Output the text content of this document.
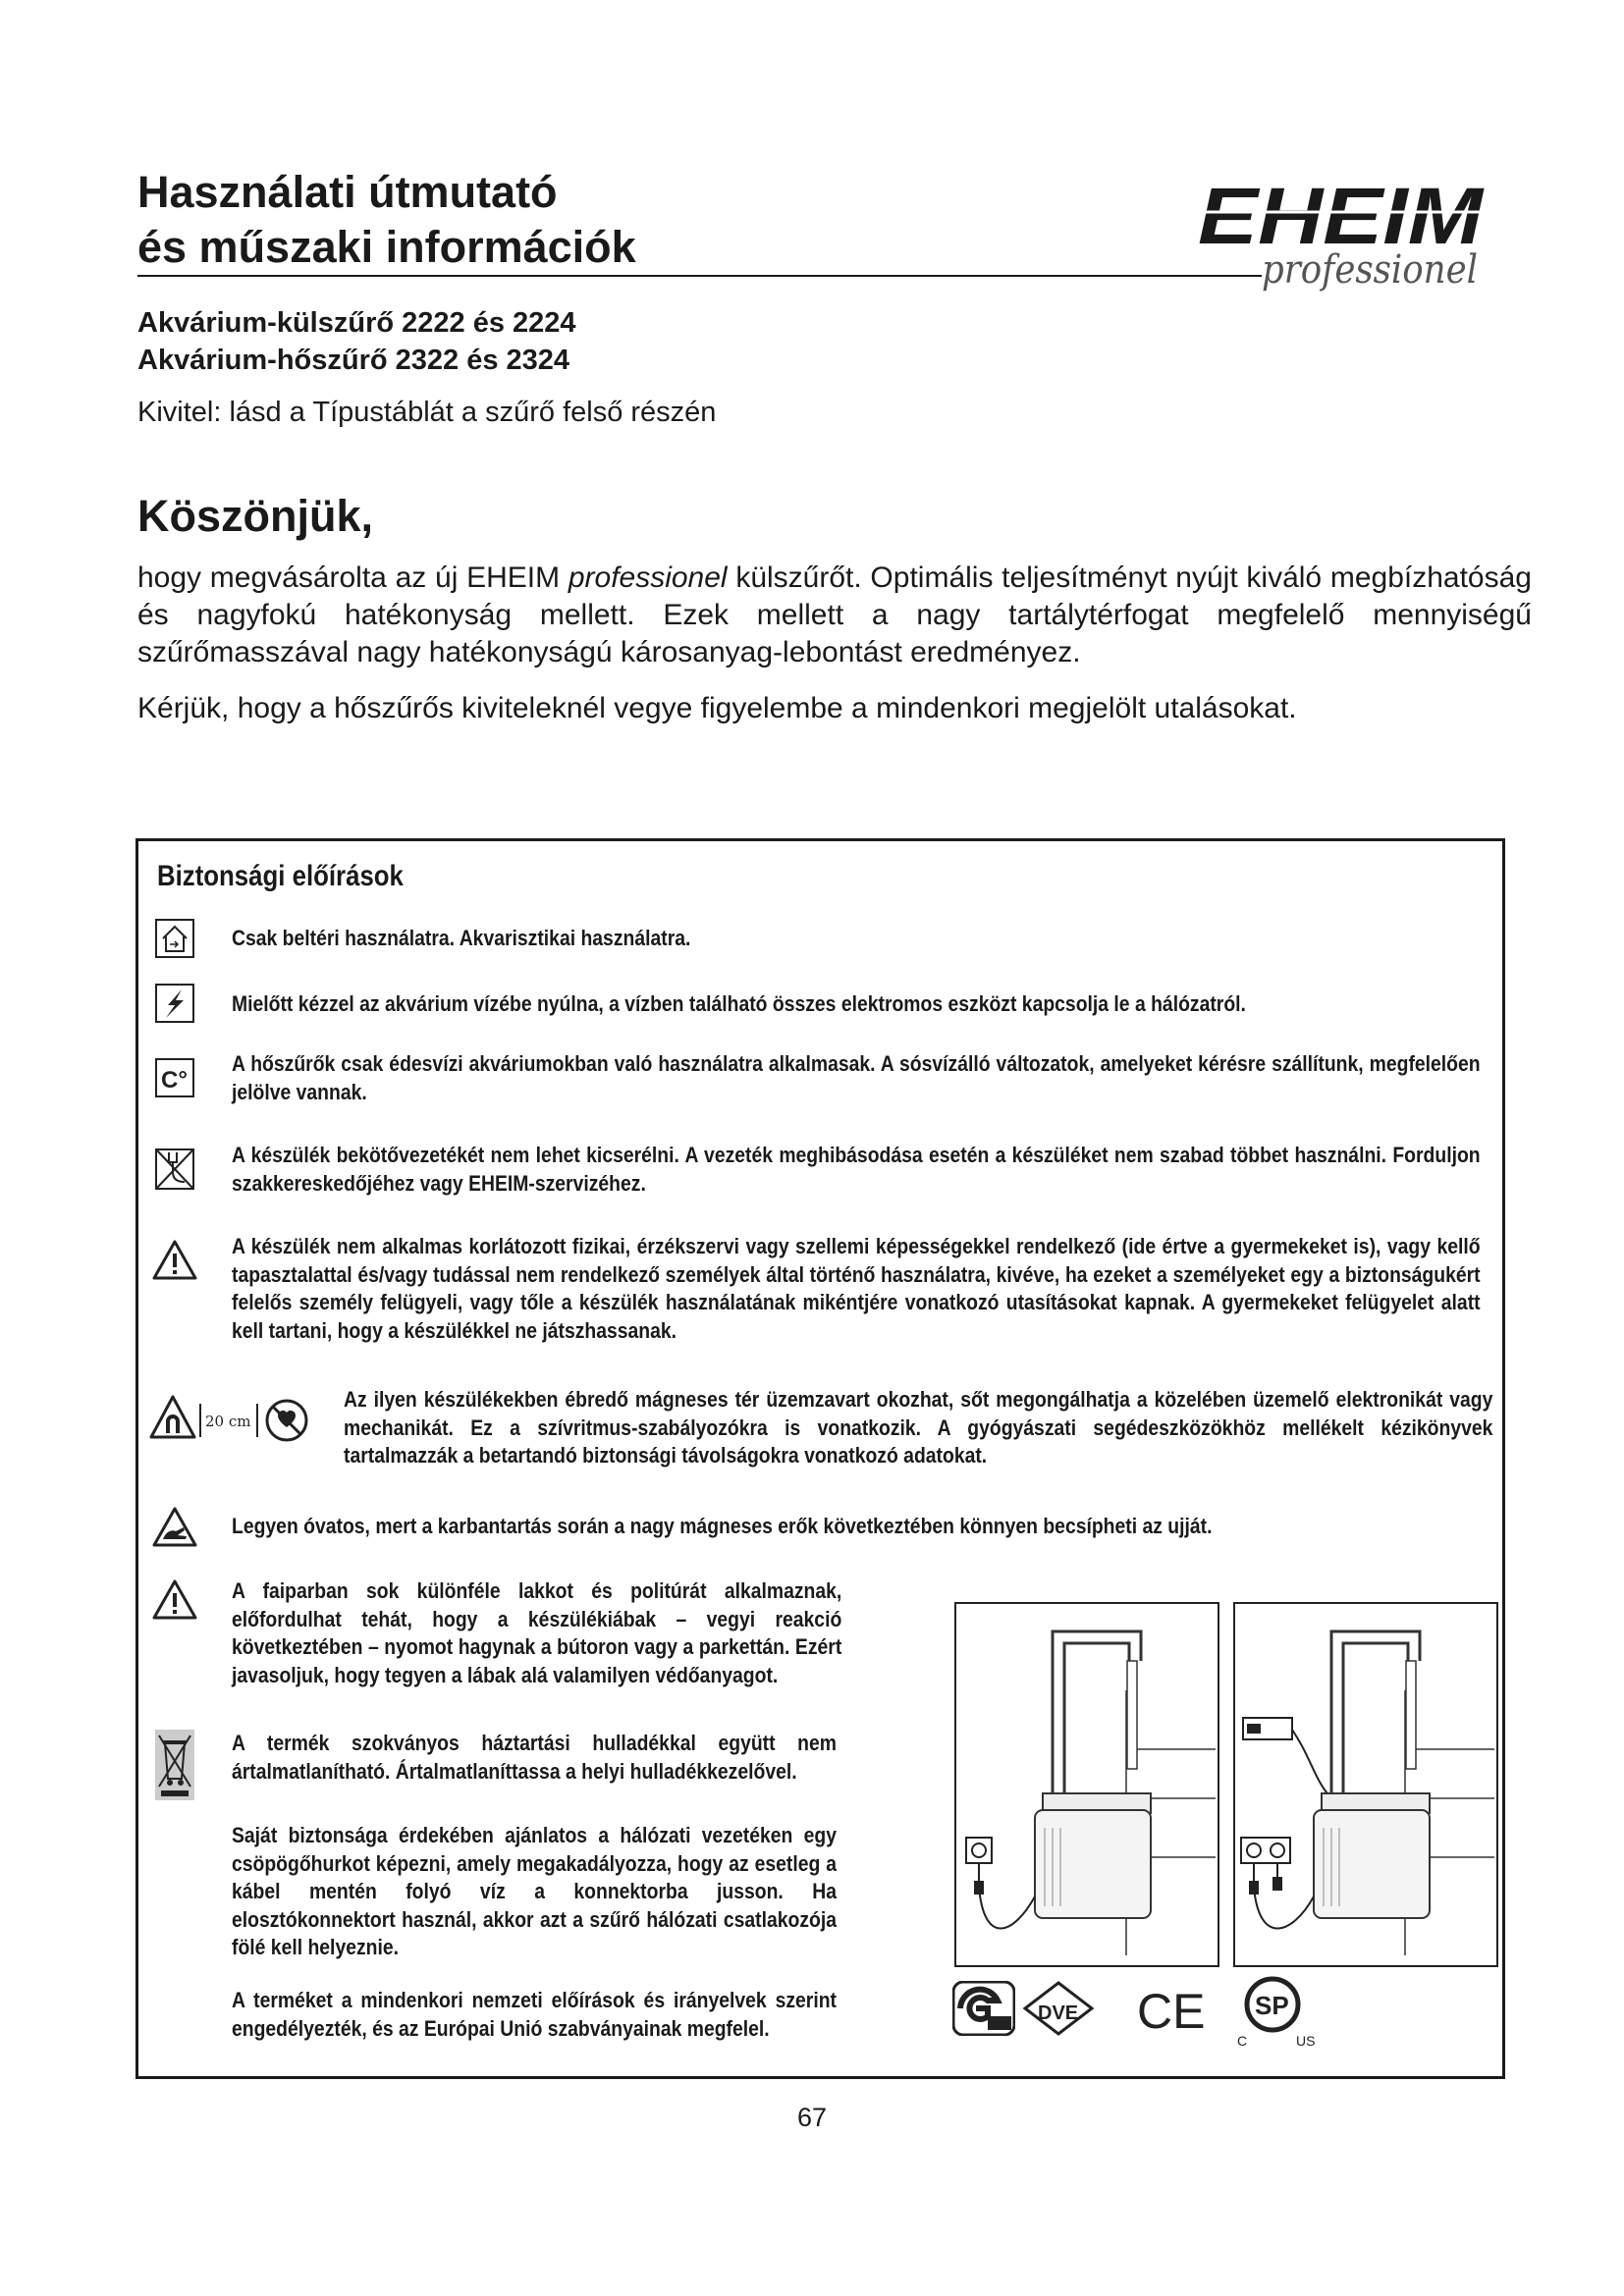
Használati útmutató
és műszaki információk	EHEIM
professionel
Akvárium-külszűrő 2222 és 2224
Akvárium-hőszűrő 2322 és 2324
Kivitel: lásd a Típustáblát a szűrő felső részén
Köszönjük,
hogy megvásárolta az új EHEIM professionel külszűrőt. Optimális teljesítményt nyújt kiváló megbízhatóság és nagyfokú hatékonyság mellett. Ezek mellett a nagy tartálytérfogat megfelelő mennyiségű szűrőmasszával nagy hatékonyságú károsanyag-lebontást eredményez.
Kérjük, hogy a hőszűrős kiviteleknél vegye figyelembe a mindenkori megjelölt utalásokat.
Biztonsági előírások
C°
20 cm
Csak beltéri használatra. Akvarisztikai használatra.
Mielőtt kézzel az akvárium vízébe nyúlna, a vízben található összes elektromos eszközt kapcsolja le a hálózatról.
A hőszűrők csak édesvízi akváriumokban való használatra alkalmasak. A sósvízálló változatok, amelyeket kérésre szállítunk, megfelelően jelölve vannak.
A készülék bekötővezetékét nem lehet kicserélni. A vezeték meghibásodása esetén a készüléket nem szabad többet használni. Forduljon szakkereskedőjéhez vagy EHEIM-szervizéhez.
A készülék nem alkalmas korlátozott fizikai, érzékszervi vagy szellemi képességekkel rendelkező (ide értve a gyermekeket is), vagy kellő tapasztalattal és/vagy tudással nem rendelkező személyek által történő használatra, kivéve, ha ezeket a személyeket egy a biztonságukért felelős személy felügyeli, vagy tőle a készülék használatának mikéntjére vonatkozó utasításokat kapnak. A gyermekeket felügyelet alatt kell tartani, hogy a készülékkel ne játszhassanak.
Az ilyen készülékekben ébredő mágneses tér üzemzavart okozhat, sőt megongálhatja a közelében üzemelő elektronikát vagy mechanikát. Ez a szívritmus-szabályozókra is vonatkozik. A gyógyászati segédeszközökhöz mellékelt kézikönyvek tartalmazzák a betartandó biztonsági távolságokra vonatkozó adatokat.
Legyen óvatos, mert a karbantartás során a nagy mágneses erők következtében könnyen becsípheti az ujját.
A faiparban sok különféle lakkot és politúrát alkalmaznak, előfordulhat tehát, hogy a készülékiábak – vegyi reakció következtében – nyomot hagynak a bútoron vagy a parkettán. Ezért javasoljuk, hogy tegyen a lábak alá valamilyen védőanyagot.
A termék szokványos háztartási hulladékkal együtt nem ártalmatlanítható. Ártalmatlaníttassa a helyi hulladékkezelővel.
Saját biztonsága érdekében ajánlatos a hálózati vezetéken egy csöpögőhurkot képezni, amely megakadályozza, hogy az esetleg a kábel mentén folyó víz a konnektorba jusson. Ha elosztókonnektort használ, akkor azt a szűrő hálózati csatlakozója fölé kell helyeznie.
A terméket a mindenkori nemzeti előírások és irányelvek szerint engedélyezték, és az Európai Unió szabványainak megfelel.
DVE CE SP
C	US
67
